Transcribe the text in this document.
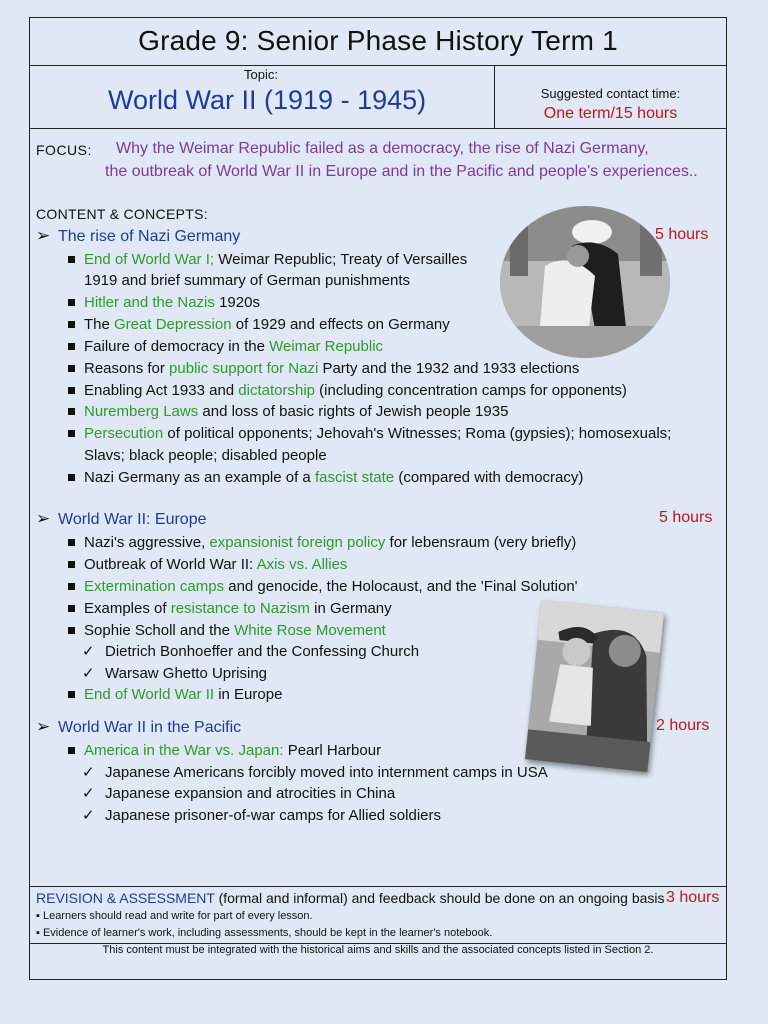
Grade 9: Senior Phase History Term 1
Topic:
World War II (1919 - 1945)	Suggested contact time:
One term/15 hours
FOCUS: Why the Weimar Republic failed as a democracy, the rise of Nazi Germany,
the outbreak of World War II in Europe and in the Pacific and people's experiences..
CONTENT & CONCEPTS:
➢ The rise of Nazi Germany	5 hours
End of World War I; Weimar Republic; Treaty of Versailles
1919 and brief summary of German punishments
Hitler and the Nazis 1920s
The Great Depression of 1929 and effects on Germany
Failure of democracy in the Weimar Republic
Reasons for public support for Nazi Party and the 1932 and 1933 elections
Enabling Act 1933 and dictatorship (including concentration camps for opponents)
Nuremberg Laws and loss of basic rights of Jewish people 1935
Persecution of political opponents; Jehovah's Witnesses; Roma (gypsies); homosexuals;
Slavs; black people; disabled people
Nazi Germany as an example of a fascist state (compared with democracy)
➢ World War II: Europe	5 hours
Nazi's aggressive, expansionist foreign policy for lebensraum (very briefly)
Outbreak of World War II: Axis vs. Allies
Extermination camps and genocide, the Holocaust, and the 'Final Solution'
Examples of resistance to Nazism in Germany
Sophie Scholl and the White Rose Movement
✓ Dietrich Bonhoeffer and the Confessing Church
✓ Warsaw Ghetto Uprising
End of World War II in Europe
➢ World War II in the Pacific	2 hours
America in the War vs. Japan: Pearl Harbour
✓ Japanese Americans forcibly moved into internment camps in USA
✓ Japanese expansion and atrocities in China
✓ Japanese prisoner-of-war camps for Allied soldiers
REVISION & ASSESSMENT (formal and informal) and feedback should be done on an ongoing basis 3 hours
▪ Learners should read and write for part of every lesson.
▪ Evidence of learner's work, including assessments, should be kept in the learner's notebook.
This content must be integrated with the historical aims and skills and the associated concepts listed in Section 2.
